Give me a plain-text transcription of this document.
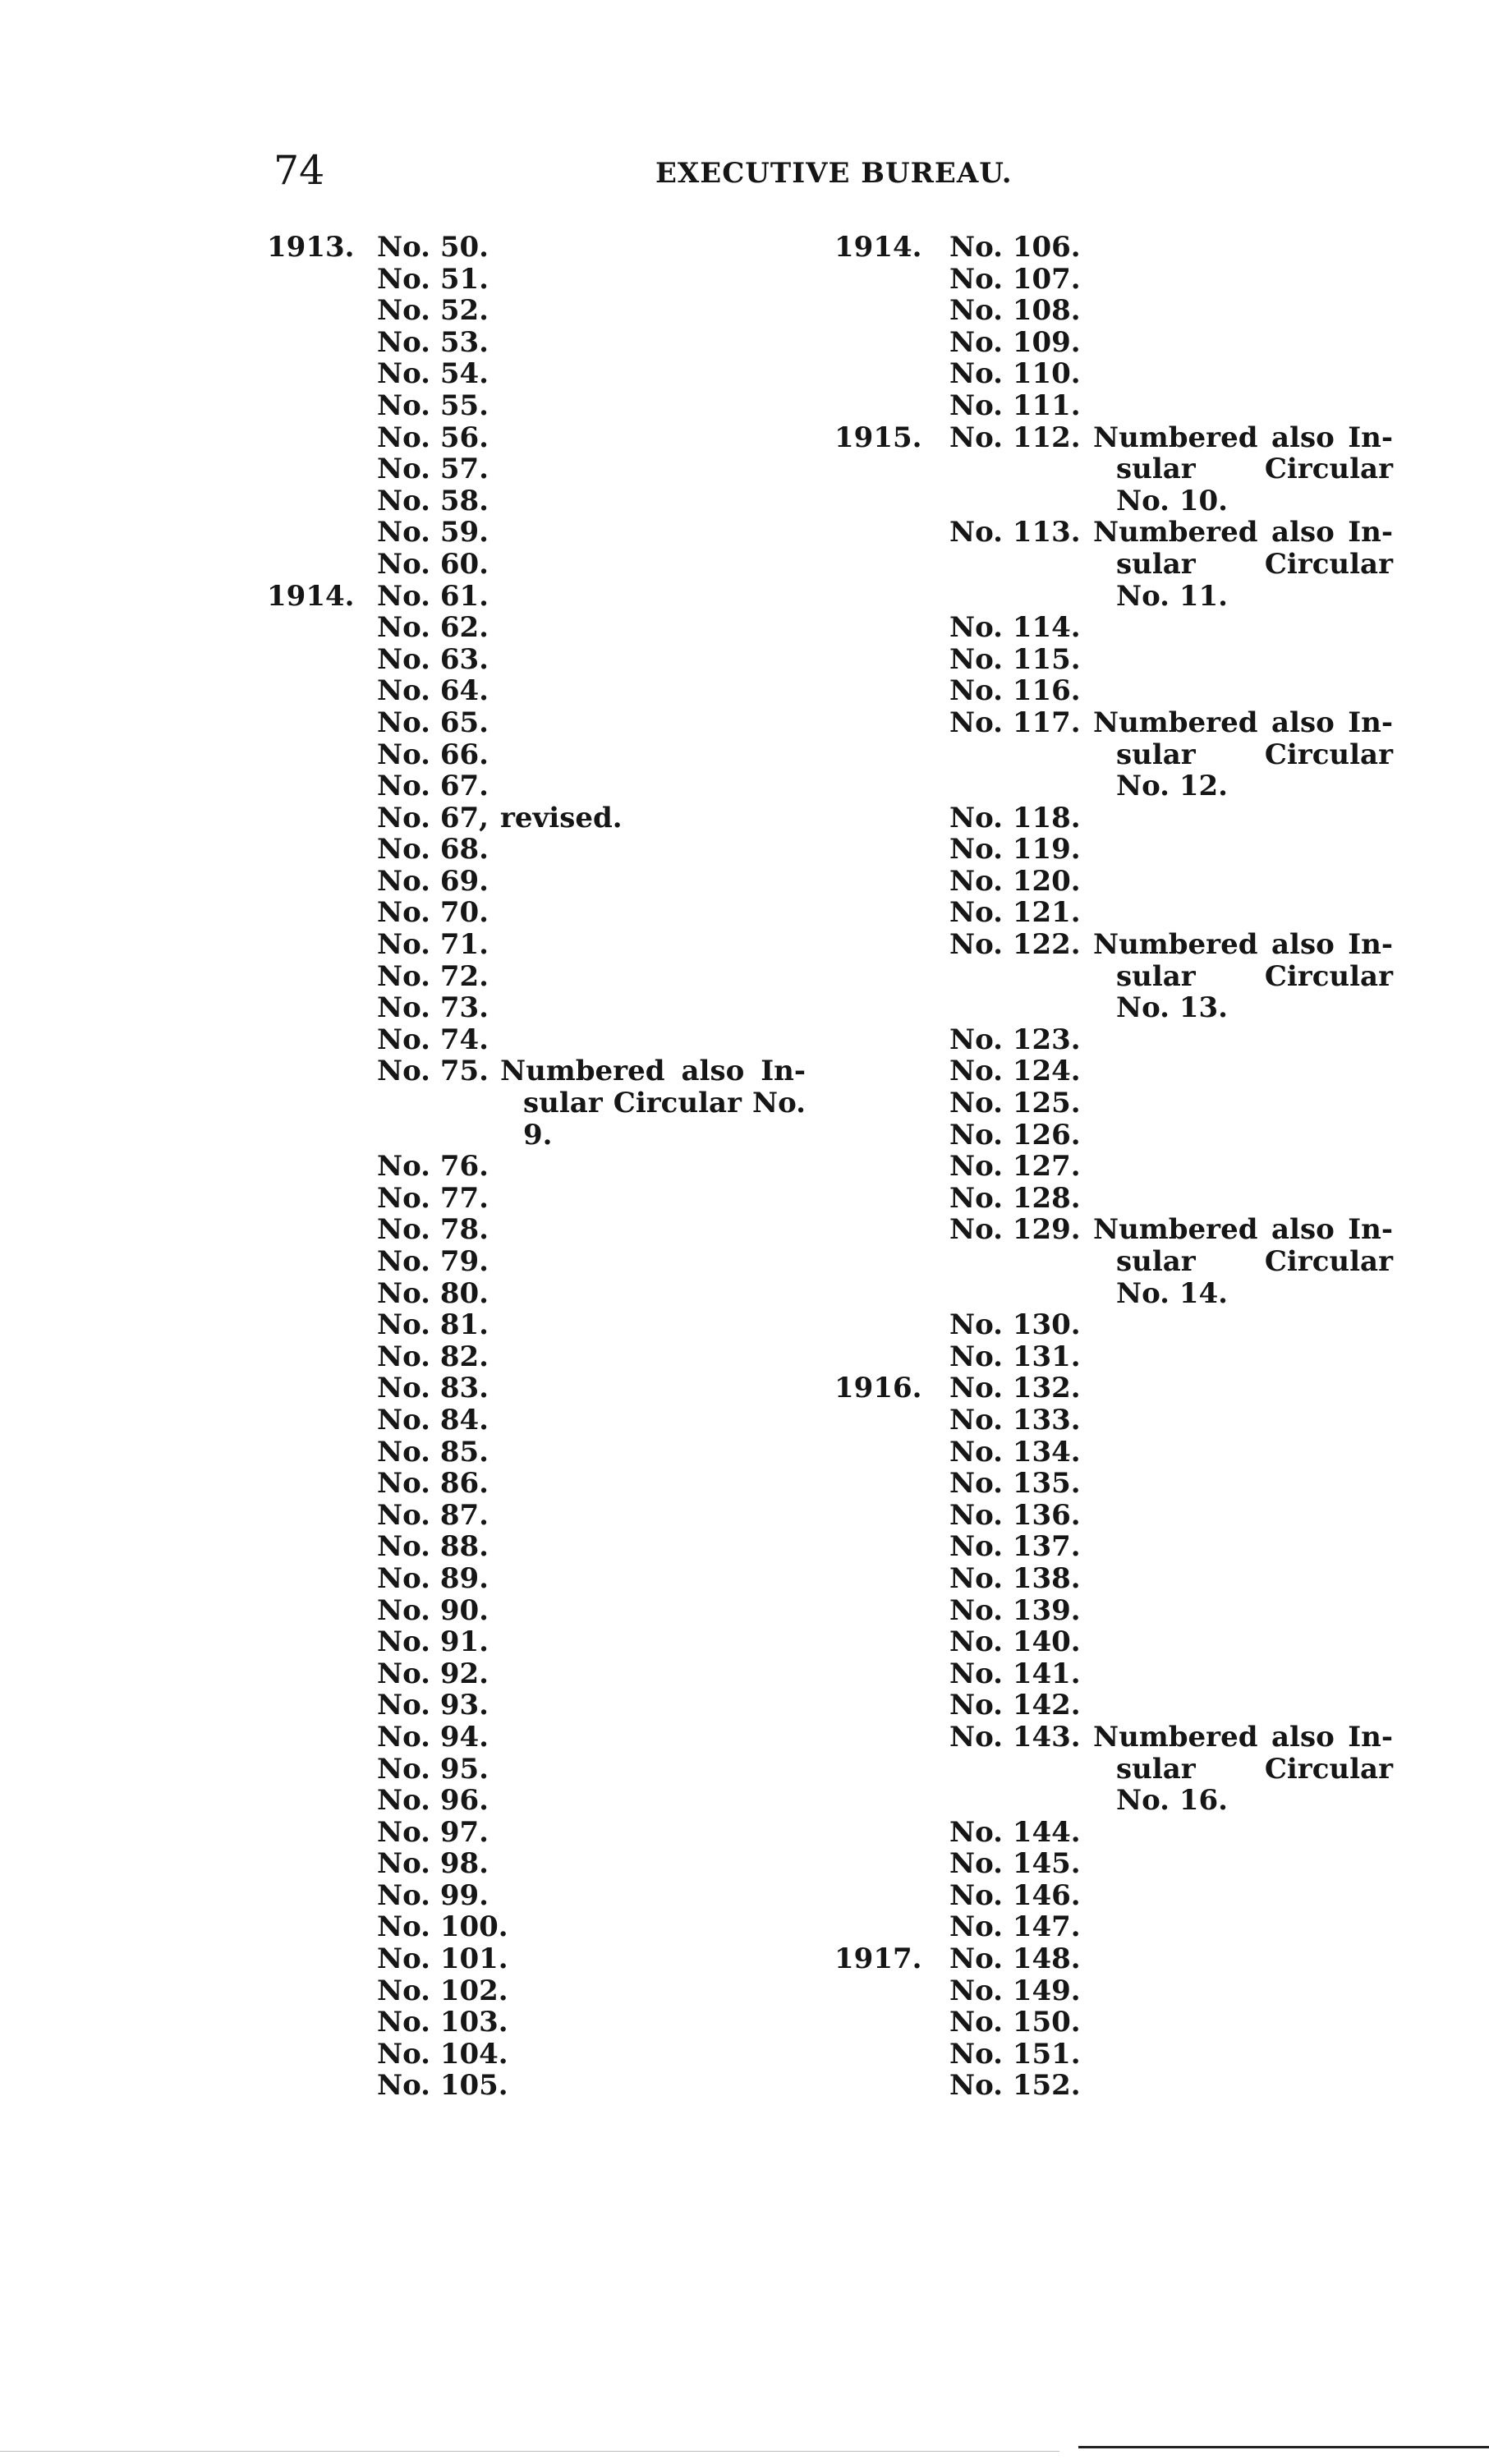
74	EXECUTIVE BUREAU.
1913. No. 50.
No. 51.
No. 52.
No. 53.
No. 54.
No. 55.
No. 56.
No. 57.
No. 58.
No. 59.
No. 60.
1914. No. 61.
No. 62.
No. 63.
No. 64.
No. 65.
No. 66.
No. 67.
No. 67, revised.
No. 68.
No. 69.
No. 70.
No. 71.
No. 72.
No. 73.
No. 74.
No. 75. Numbered also In-
sular Circular No.
9.
No. 76.
No. 77.
No. 78.
No. 79.
No. 80.
No. 81.
No. 82.
No. 83.
No. 84.
No. 85.
No. 86.
No. 87.
No. 88.
No. 89.
No. 90.
No. 91.
No. 92.
No. 93.
No. 94.
No. 95.
No. 96.
No. 97.
No. 98.
No. 99.
No. 100.
No. 101.
No. 102.
No. 103.
No. 104.
No. 105.
1914. No. 106.
No. 107.
No. 108.
No. 109.
No. 110.
No. 111.
1915. No. 112. Numbered also In-
sular Circular
No. 10.
No. 113. Numbered also In-
sular Circular
No. 11.
No. 114.
No. 115.
No. 116.
No. 117. Numbered also In-
sular Circular
No. 12.
No. 118.
No. 119.
No. 120.
No. 121.
No. 122. Numbered also In-
sular Circular
No. 13.
No. 123.
No. 124.
No. 125.
No. 126.
No. 127.
No. 128.
No. 129. Numbered also In-
sular Circular
No. 14.
No. 130.
No. 131.
1916. No. 132.
No. 133.
No. 134.
No. 135.
No. 136.
No. 137.
No. 138.
No. 139.
No. 140.
No. 141.
No. 142.
No. 143. Numbered also In-
sular Circular
No. 16.
No. 144.
No. 145.
No. 146.
No. 147.
1917. No. 148.
No. 149.
No. 150.
No. 151.
No. 152.
